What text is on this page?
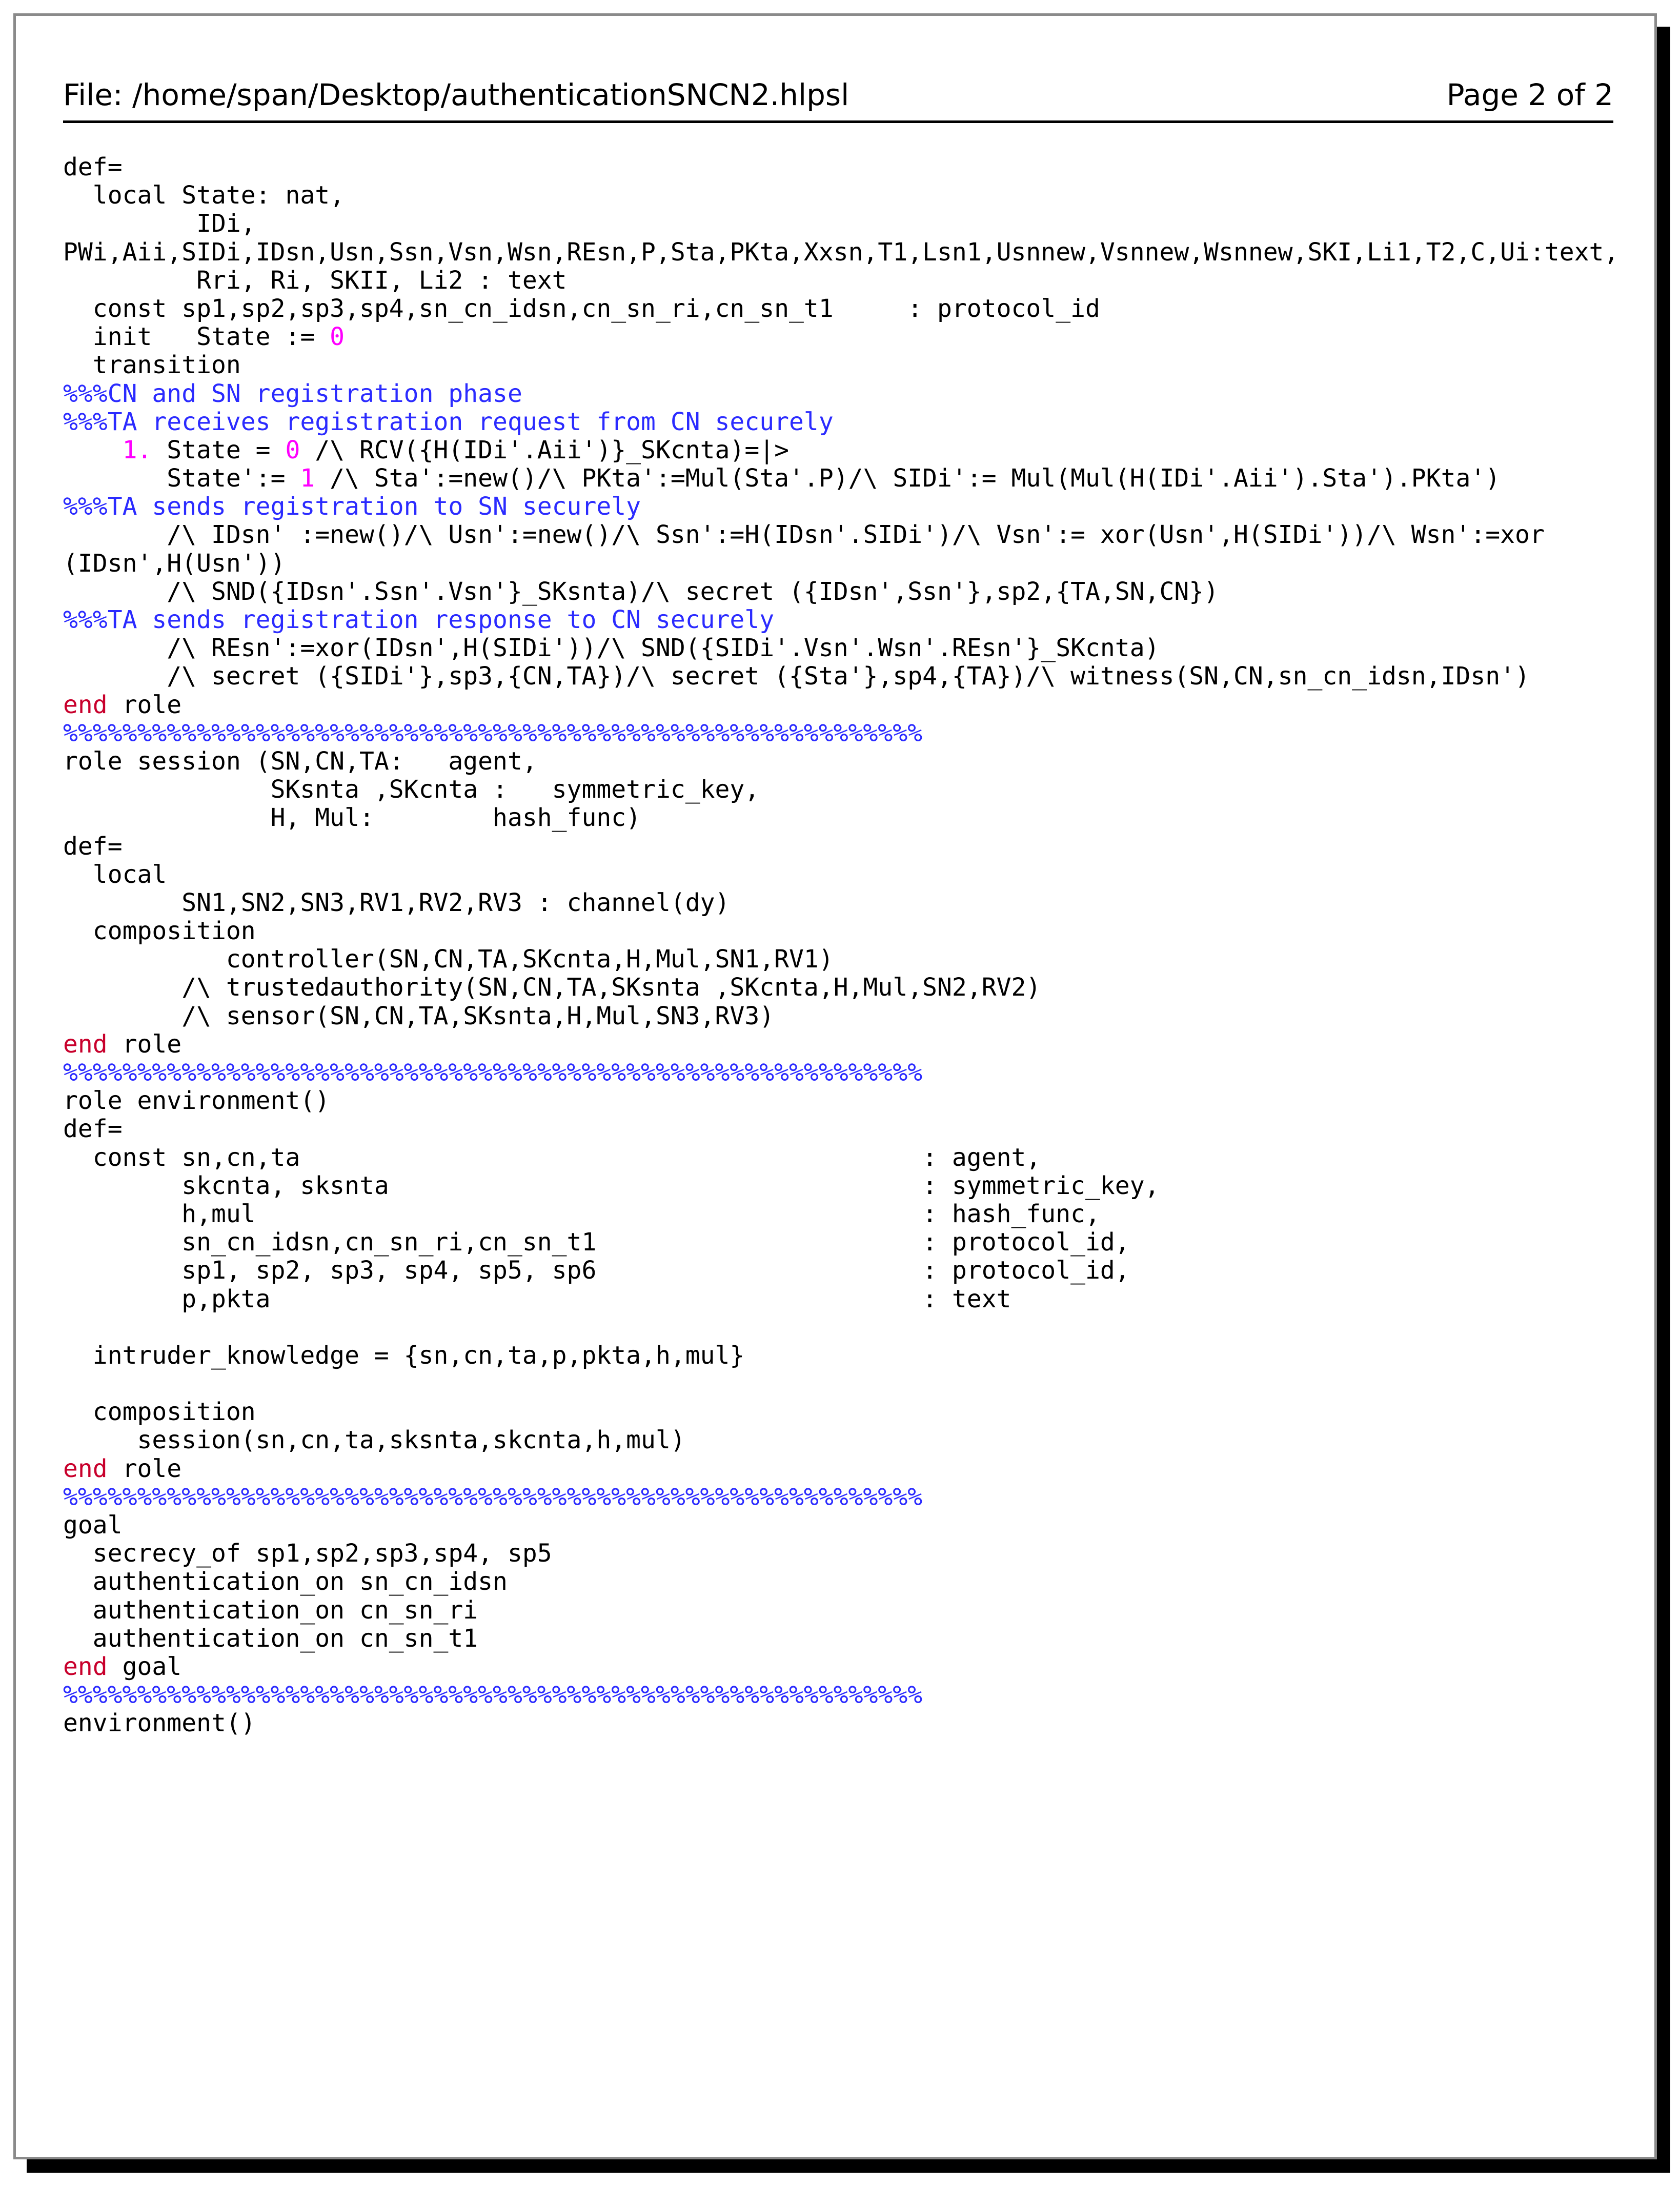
File: /home/span/Desktop/authenticationSNCN2.hlpsl	Page 2 of 2
def=
local State: nat,
IDi,
PWi,Aii,SIDi,IDsn,Usn,Ssn,Vsn,Wsn,REsn,P,Sta,PKta,Xxsn,T1,Lsn1,Usnnew,Vsnnew,Wsnnew,SKI,Li1,T2,C,Ui:text,
Rri, Ri, SKII, Li2 : text
const sp1,sp2,sp3,sp4,sn_cn_idsn,cn_sn_ri,cn_sn_t1     : protocol_id
init   State := 0
transition
%%%CN and SN registration phase
%%%TA receives registration request from CN securely
1. State = 0 /\ RCV({H(IDi'.Aii')}_SKcnta)=|>
State':= 1 /\ Sta':=new()/\ PKta':=Mul(Sta'.P)/\ SIDi':= Mul(Mul(H(IDi'.Aii').Sta').PKta')
%%%TA sends registration to SN securely
/\ IDsn' :=new()/\ Usn':=new()/\ Ssn':=H(IDsn'.SIDi')/\ Vsn':= xor(Usn',H(SIDi'))/\ Wsn':=xor
(IDsn',H(Usn'))
/\ SND({IDsn'.Ssn'.Vsn'}_SKsnta)/\ secret ({IDsn',Ssn'},sp2,{TA,SN,CN})
%%%TA sends registration response to CN securely
/\ REsn':=xor(IDsn',H(SIDi'))/\ SND({SIDi'.Vsn'.Wsn'.REsn'}_SKcnta)
/\ secret ({SIDi'},sp3,{CN,TA})/\ secret ({Sta'},sp4,{TA})/\ witness(SN,CN,sn_cn_idsn,IDsn')
end role
%%%%%%%%%%%%%%%%%%%%%%%%%%%%%%%%%%%%%%%%%%%%%%%%%%%%%%%%%%
role session (SN,CN,TA:   agent,
SKsnta ,SKcnta :   symmetric_key,
H, Mul:        hash_func)
def=
local
SN1,SN2,SN3,RV1,RV2,RV3 : channel(dy)
composition
controller(SN,CN,TA,SKcnta,H,Mul,SN1,RV1)
/\ trustedauthority(SN,CN,TA,SKsnta ,SKcnta,H,Mul,SN2,RV2)
/\ sensor(SN,CN,TA,SKsnta,H,Mul,SN3,RV3)
end role
%%%%%%%%%%%%%%%%%%%%%%%%%%%%%%%%%%%%%%%%%%%%%%%%%%%%%%%%%%
role environment()
def=
const sn,cn,ta                                          : agent,
skcnta, sksnta                                    : symmetric_key,
h,mul                                             : hash_func,
sn_cn_idsn,cn_sn_ri,cn_sn_t1                      : protocol_id,
sp1, sp2, sp3, sp4, sp5, sp6                      : protocol_id,
p,pkta                                            : text
intruder_knowledge = {sn,cn,ta,p,pkta,h,mul}
composition
session(sn,cn,ta,sksnta,skcnta,h,mul)
end role
%%%%%%%%%%%%%%%%%%%%%%%%%%%%%%%%%%%%%%%%%%%%%%%%%%%%%%%%%%
goal
secrecy_of sp1,sp2,sp3,sp4, sp5
authentication_on sn_cn_idsn
authentication_on cn_sn_ri
authentication_on cn_sn_t1
end goal
%%%%%%%%%%%%%%%%%%%%%%%%%%%%%%%%%%%%%%%%%%%%%%%%%%%%%%%%%%
environment()
